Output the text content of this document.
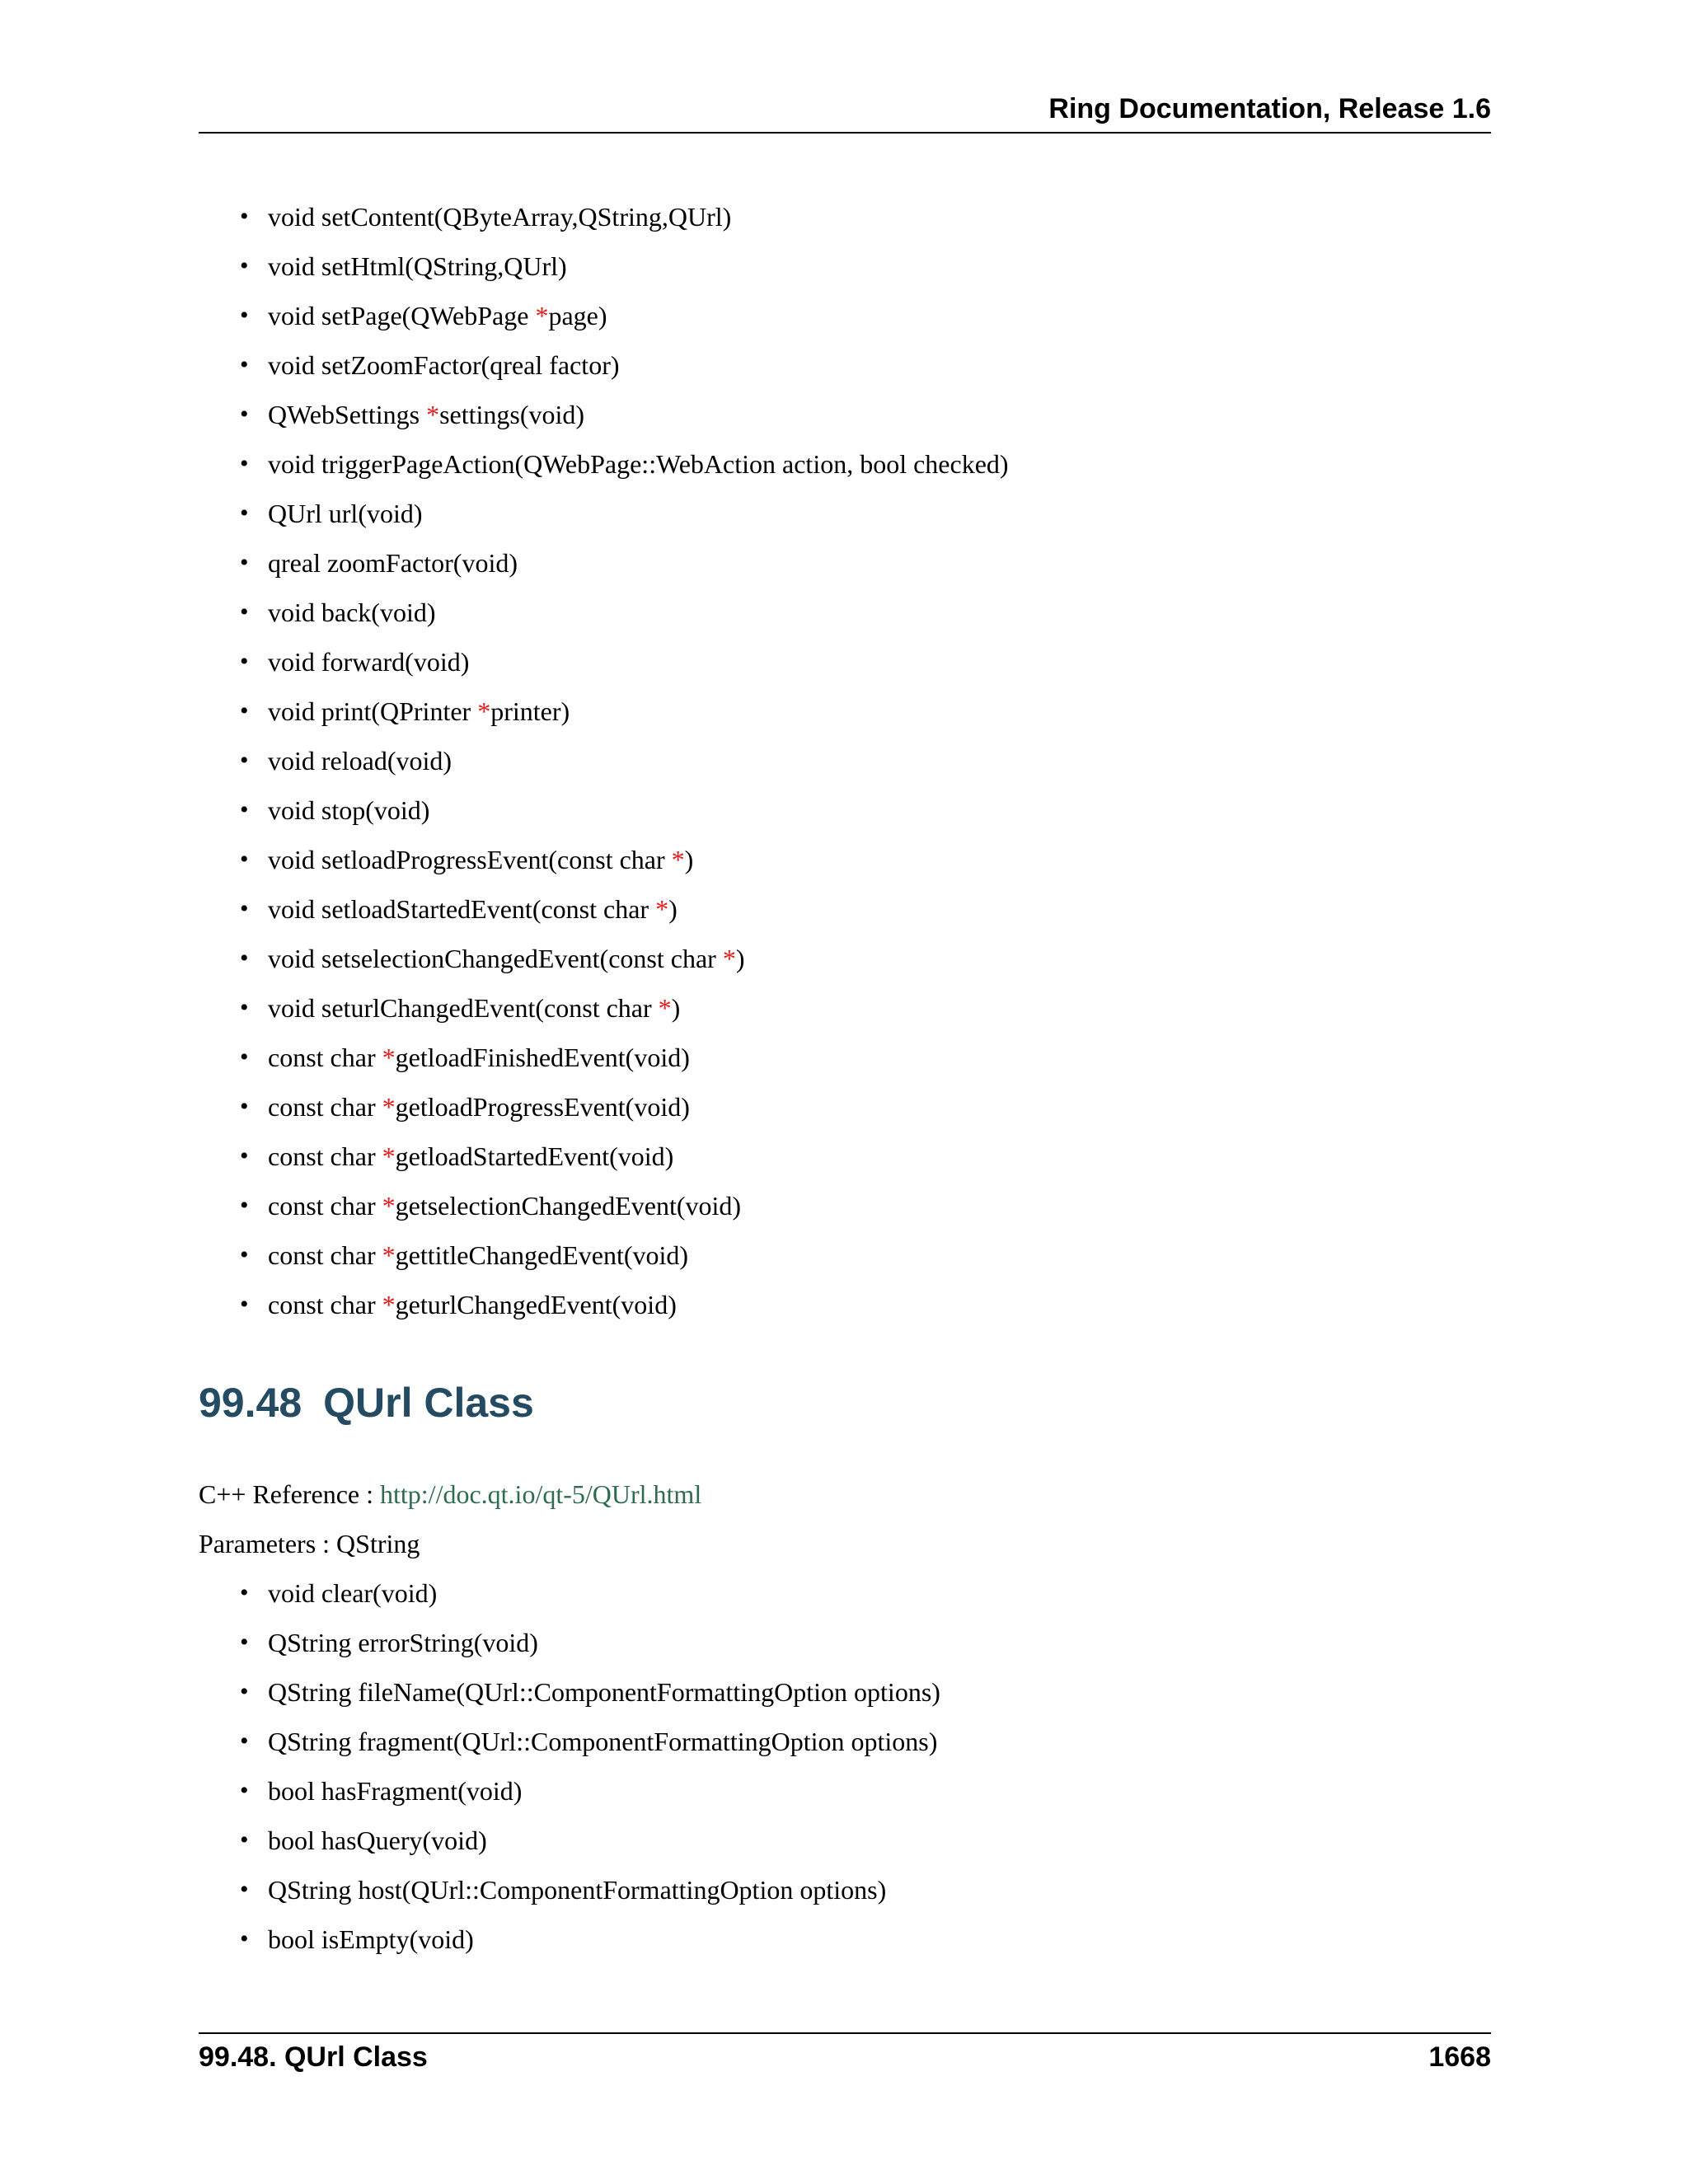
Ring Documentation, Release 1.6
• void setContent(QByteArray,QString,QUrl)
• void setHtml(QString,QUrl)
• void setPage(QWebPage *page)
• void setZoomFactor(qreal factor)
• QWebSettings *settings(void)
• void triggerPageAction(QWebPage::WebAction action, bool checked)
• QUrl url(void)
• qreal zoomFactor(void)
• void back(void)
• void forward(void)
• void print(QPrinter *printer)
• void reload(void)
• void stop(void)
• void setloadProgressEvent(const char *)
• void setloadStartedEvent(const char *)
• void setselectionChangedEvent(const char *)
• void seturlChangedEvent(const char *)
• const char *getloadFinishedEvent(void)
• const char *getloadProgressEvent(void)
• const char *getloadStartedEvent(void)
• const char *getselectionChangedEvent(void)
• const char *gettitleChangedEvent(void)
• const char *geturlChangedEvent(void)
99.48 QUrl Class
C++ Reference : http://doc.qt.io/qt-5/QUrl.html
Parameters : QString
• void clear(void)
• QString errorString(void)
• QString fileName(QUrl::ComponentFormattingOption options)
• QString fragment(QUrl::ComponentFormattingOption options)
• bool hasFragment(void)
• bool hasQuery(void)
• QString host(QUrl::ComponentFormattingOption options)
• bool isEmpty(void)
99.48. QUrl Class	1668
